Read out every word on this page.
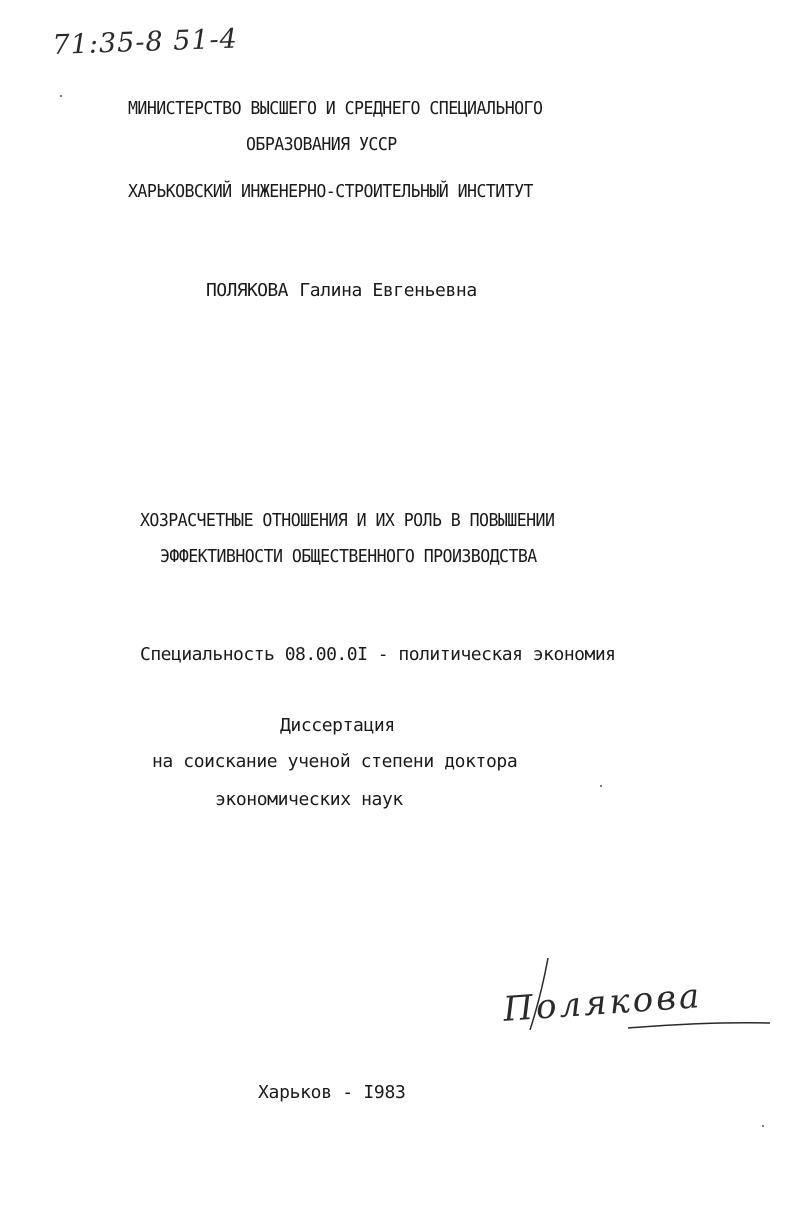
71:35-8 51-4
МИНИСТЕРСТВО ВЫСШЕГО И СРЕДНЕГО СПЕЦИАЛЬНОГО
ОБРАЗОВАНИЯ УССР
ХАРЬКОВСКИЙ ИНЖЕНЕРНО-СТРОИТЕЛЬНЫЙ ИНСТИТУТ
ПОЛЯКОВА Галина Евгеньевна
ХОЗРАСЧЕТНЫЕ ОТНОШЕНИЯ И ИХ РОЛЬ В ПОВЫШЕНИИ
ЭФФЕКТИВНОСТИ ОБЩЕСТВЕННОГО ПРОИЗВОДСТВА
Специальность 08.00.0I - политическая экономия
Диссертация
на соискание ученой степени доктора
экономических наук
Полякова
Харьков - I983
